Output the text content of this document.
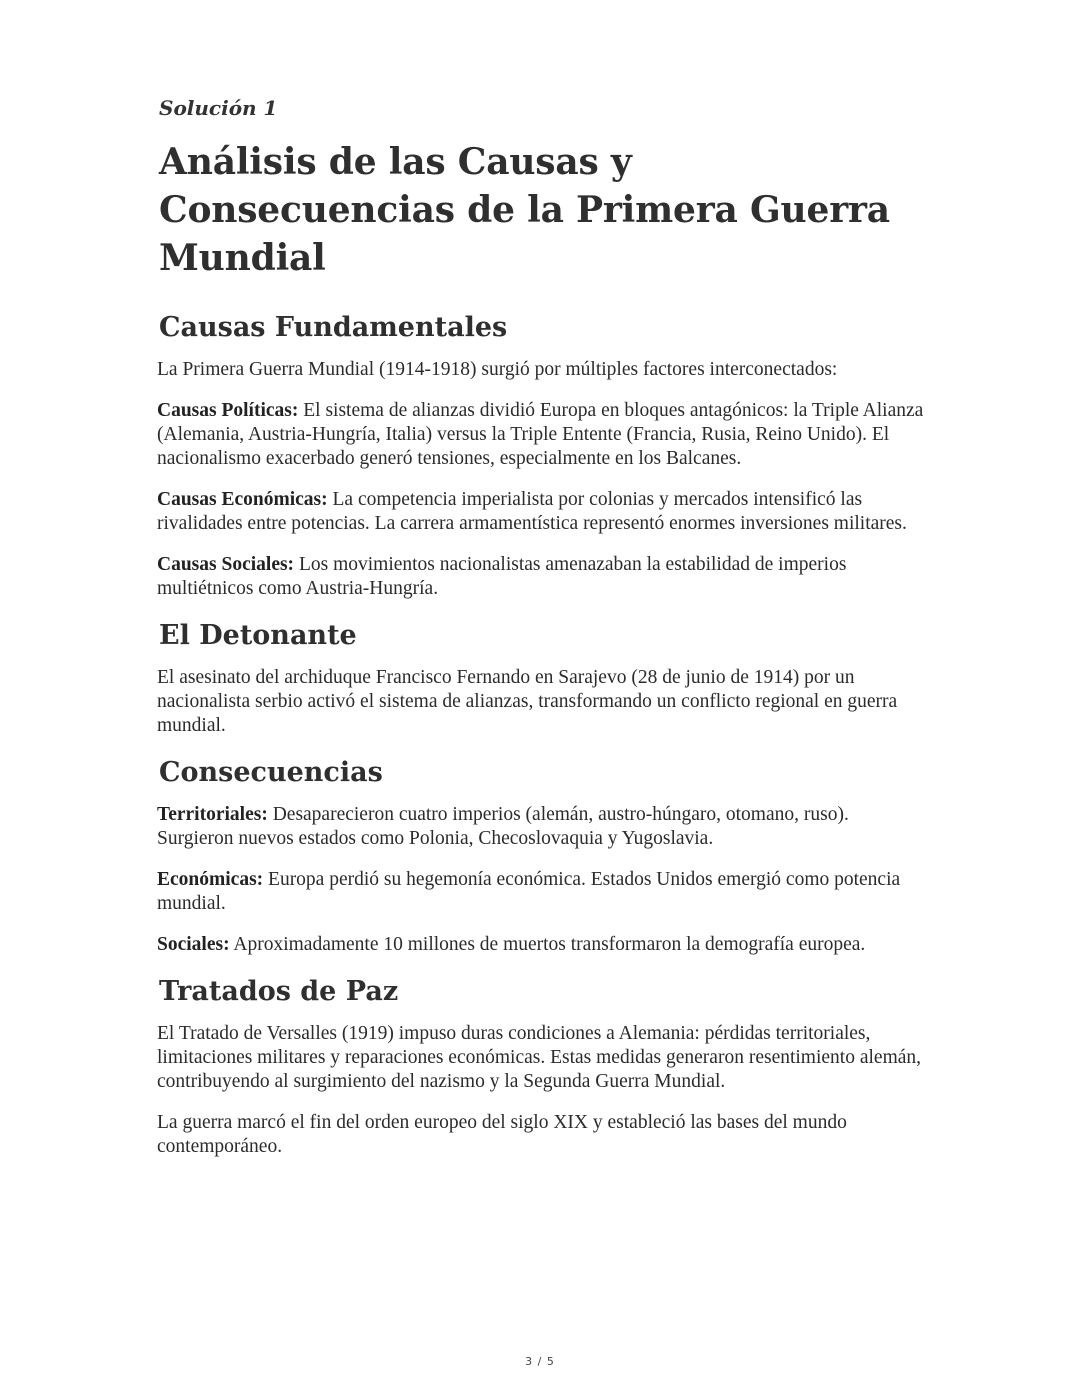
Solución 1
Análisis de las Causas y Consecuencias de la Primera Guerra Mundial
Causas Fundamentales

La Primera Guerra Mundial (1914-1918) surgió por múltiples factores interconectados:

Causas Políticas: El sistema de alianzas dividió Europa en bloques antagónicos: la Triple Alianza (Alemania, Austria-Hungría, Italia) versus la Triple Entente (Francia, Rusia, Reino Unido). El nacionalismo exacerbado generó tensiones, especialmente en los Balcanes.

Causas Económicas: La competencia imperialista por colonias y mercados intensificó las rivalidades entre potencias. La carrera armamentística representó enormes inversiones militares.

Causas Sociales: Los movimientos nacionalistas amenazaban la estabilidad de imperios multiétnicos como Austria-Hungría.

El Detonante

El asesinato del archiduque Francisco Fernando en Sarajevo (28 de junio de 1914) por un nacionalista serbio activó el sistema de alianzas, transformando un conflicto regional en guerra mundial.

Consecuencias

Territoriales: Desaparecieron cuatro imperios (alemán, austro-húngaro, otomano, ruso). Surgieron nuevos estados como Polonia, Checoslovaquia y Yugoslavia.

Económicas: Europa perdió su hegemonía económica. Estados Unidos emergió como potencia mundial.

Sociales: Aproximadamente 10 millones de muertos transformaron la demografía europea.

Tratados de Paz

El Tratado de Versalles (1919) impuso duras condiciones a Alemania: pérdidas territoriales, limitaciones militares y reparaciones económicas. Estas medidas generaron resentimiento alemán, contribuyendo al surgimiento del nazismo y la Segunda Guerra Mundial.

La guerra marcó el fin del orden europeo del siglo XIX y estableció las bases del mundo contemporáneo.

3 / 5
